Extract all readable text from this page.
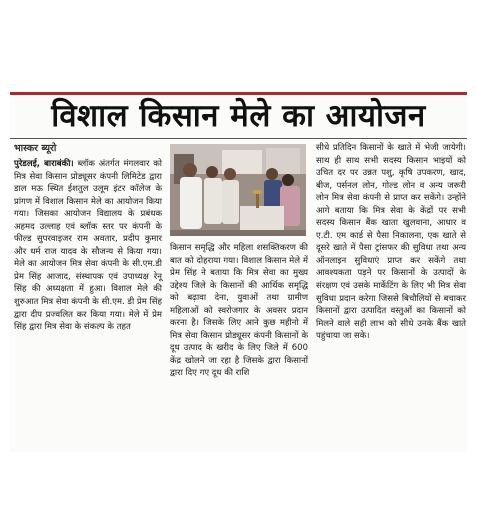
विशाल किसान मेले का आयोजन
भास्कर ब्यूरो

पुरेडलई, बाराबंकी। ब्लॉक अंतर्गत मंगलवार को मित्र सेवा किसान प्रोड्यूसर कंपनी लिमिटेड द्वारा डाल मऊ स्थित ईशतुल उलूम इंटर कॉलेज के प्रांगण में विशाल किसान मेले का आयोजन किया गया। जिसका आयोजन विद्यालय के प्रबंधक अहमद उल्लाह एवं ब्लॉक स्तर पर कंपनी के फील्ड सुपरवाइजर राम अवतार, प्रदीप कुमार और धर्म राज यादव के सौजन्य से किया गया। मेले का आयोजन मित्र सेवा कंपनी के सी.एम.डी प्रेम सिंह आजाद, संस्थापक एवं उपाध्यक्ष रेनू सिंह की अध्यक्षता में हुआ। विशाल मेले की शुरुआत मित्र सेवा कंपनी के सी.एम. डी प्रेम सिंह द्वारा दीप प्रज्वलित कर किया गया। मेले में प्रेम सिंह द्वारा मित्र सेवा के संकल्प के तहत

किसान समृद्धि और महिला शसक्तिकरण की बात को दोहराया गया। विशाल किसान मेले में प्रेम सिंह ने बताया कि मित्र सेवा का मुख्य उद्देश्य जिले के किसानों की आर्थिक समृद्धि को बढ़ावा देना, युवाओं तथा ग्रामीण महिलाओं को स्वरोजगार के अवसर प्रदान करना है। जिसके लिए आने कुछ महीनो में मित्र सेवा किसान प्रोड्यूसर कंपनी किसानों के दूध उत्पाद के खरीद के लिए जिले में 600 केंद्र खोलने जा रहा है जिसके द्वारा किसानों द्वारा दिए गए दूध की राशि

सीधे प्रतिदिन किसानों के खाते में भेजी जायेगी। साथ ही साथ सभी सदस्य किसान भाइयों को उचित दर पर उन्नत पशु, कृषि उपकरण, खाद, बीज, पर्सनल लोन, गोल्ड लोन व अन्य जरूरी लोन मित्र सेवा कंपनी से प्राप्त कर सकेंगे। उन्होंने आगे बताया कि मित्र सेवा के केंद्रों पर सभी सदस्य किसान बैंक खाता खुलवाना, आधार व ए.टी. एम कार्ड से पैसा निकालना, एक खाते से दूसरे खाते में पैसा ट्रांसफर की सुविधा तथा अन्य ऑनलाइन सुविधाएं प्राप्त कर सकेंगे तथा आवश्यकता पड़ने पर किसानों के उत्पादों के संरक्षण एवं उसके मार्केटिंग के लिए भी मित्र सेवा सुविधा प्रदान करेगा जिससे बिचौलियों से बचाकर किसानों द्वारा उत्पादित वस्तुओं का किसानों को मिलने वाले सही लाभ को सीधे उनके बैंक खाते पहुंचाया जा सके।
